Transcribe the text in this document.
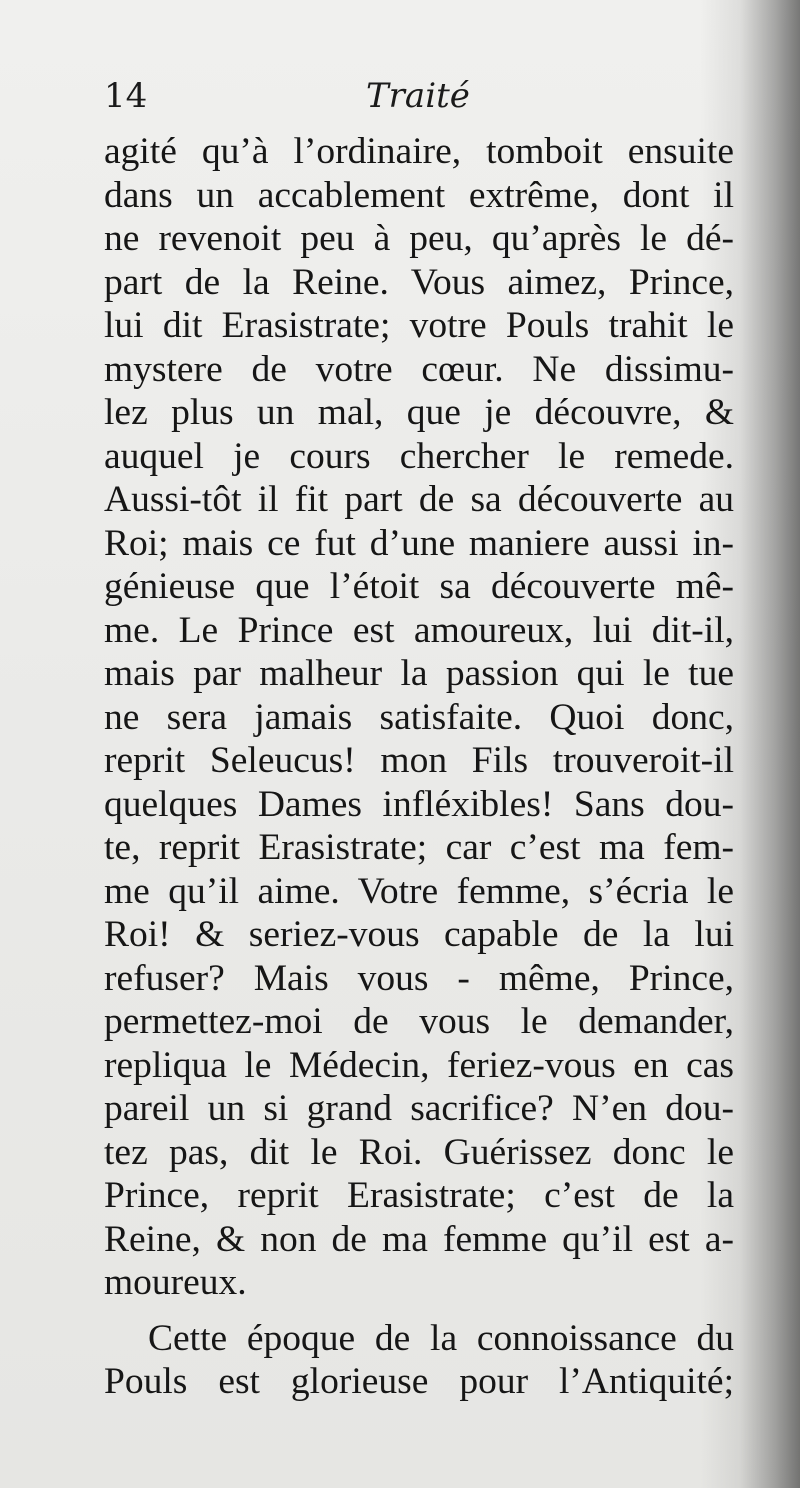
14	Traité
agité qu’à l’ordinaire, tomboit ensuite
dans un accablement extrême, dont il
ne revenoit peu à peu, qu’après le dé-
part de la Reine. Vous aimez, Prince,
lui dit Erasistrate; votre Pouls trahit le
mystere de votre cœur. Ne dissimu-
lez plus un mal, que je découvre, &
auquel je cours chercher le remede.
Aussi-tôt il fit part de sa découverte au
Roi; mais ce fut d’une maniere aussi in-
génieuse que l’étoit sa découverte mê-
me. Le Prince est amoureux, lui dit-il,
mais par malheur la passion qui le tue
ne sera jamais satisfaite. Quoi donc,
reprit Seleucus! mon Fils trouveroit-il
quelques Dames infléxibles! Sans dou-
te, reprit Erasistrate; car c’est ma fem-
me qu’il aime. Votre femme, s’écria le
Roi! & seriez-vous capable de la lui
refuser? Mais vous - même, Prince,
permettez-moi de vous le demander,
repliqua le Médecin, feriez-vous en cas
pareil un si grand sacrifice? N’en dou-
tez pas, dit le Roi. Guérissez donc le
Prince, reprit Erasistrate; c’est de la
Reine, & non de ma femme qu’il est a-
moureux.
Cette époque de la connoissance du
Pouls est glorieuse pour l’Antiquité;
